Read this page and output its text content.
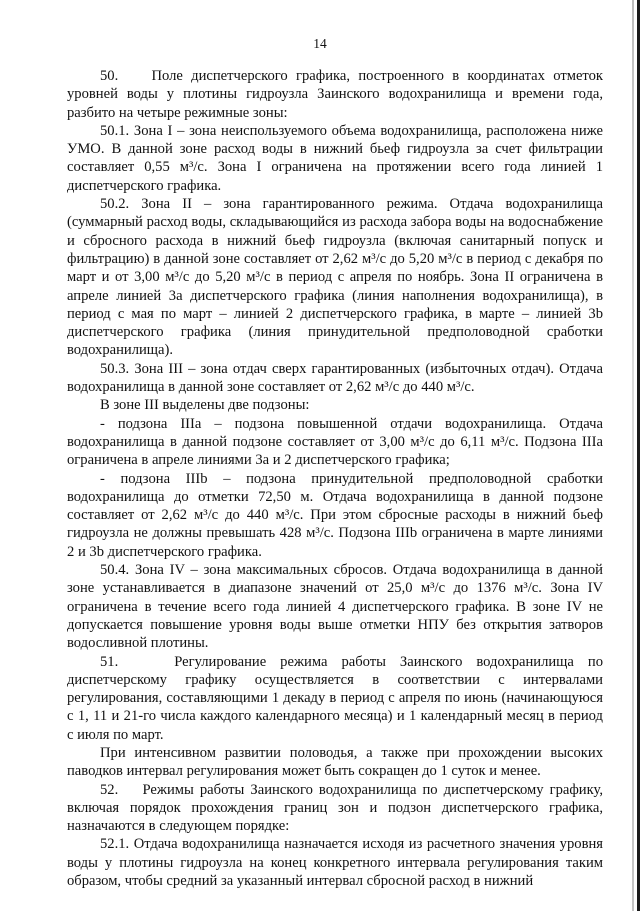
14

50.    Поле диспетчерского графика, построенного в координатах отметок уровней воды у плотины гидроузла Заинского водохранилища и времени года, разбито на четыре режимные зоны:

50.1. Зона I – зона неиспользуемого объема водохранилища, расположена ниже УМО. В данной зоне расход воды в нижний бьеф гидроузла за счет фильтрации составляет 0,55 м³/с. Зона I ограничена на протяжении всего года линией 1 диспетчерского графика.

50.2. Зона II – зона гарантированного режима. Отдача водохранилища (суммарный расход воды, складывающийся из расхода забора воды на водоснабжение и сбросного расхода в нижний бьеф гидроузла (включая санитарный попуск и фильтрацию) в данной зоне составляет от 2,62 м³/с до 5,20 м³/с в период с декабря по март и от 3,00 м³/с до 5,20 м³/с в период с апреля по ноябрь. Зона II ограничена в апреле линией 3а диспетчерского графика (линия наполнения водохранилища), в период с мая по март – линией 2 диспетчерского графика, в марте – линией 3b диспетчерского графика (линия принудительной предполоводной сработки водохранилища).

50.3. Зона III – зона отдач сверх гарантированных (избыточных отдач). Отдача водохранилища в данной зоне составляет от 2,62 м³/с до 440 м³/с.

В зоне III выделены две подзоны:

- подзона IIIa – подзона повышенной отдачи водохранилища. Отдача водохранилища в данной подзоне составляет от 3,00 м³/с до 6,11 м³/с. Подзона IIIa ограничена в апреле линиями 3а и 2 диспетчерского графика;

- подзона IIIb – подзона принудительной предполоводной сработки водохранилища до отметки 72,50 м. Отдача водохранилища в данной подзоне составляет от 2,62 м³/с до 440 м³/с. При этом сбросные расходы в нижний бьеф гидроузла не должны превышать 428 м³/с. Подзона IIIb ограничена в марте линиями 2 и 3b диспетчерского графика.

50.4. Зона IV – зона максимальных сбросов. Отдача водохранилища в данной зоне устанавливается в диапазоне значений от 25,0 м³/с до 1376 м³/с. Зона IV ограничена в течение всего года линией 4 диспетчерского графика. В зоне IV не допускается повышение уровня воды выше отметки НПУ без открытия затворов водосливной плотины.

51.    Регулирование режима работы Заинского водохранилища по диспетчерскому графику осуществляется в соответствии с интервалами регулирования, составляющими 1 декаду в период с апреля по июнь (начинающуюся с 1, 11 и 21-го числа каждого календарного месяца) и 1 календарный месяц в период с июля по март.

При интенсивном развитии половодья, а также при прохождении высоких паводков интервал регулирования может быть сокращен до 1 суток и менее.

52.    Режимы работы Заинского водохранилища по диспетчерскому графику, включая порядок прохождения границ зон и подзон диспетчерского графика, назначаются в следующем порядке:

52.1. Отдача водохранилища назначается исходя из расчетного значения уровня воды у плотины гидроузла на конец конкретного интервала регулирования таким образом, чтобы средний за указанный интервал сбросной расход в нижний
